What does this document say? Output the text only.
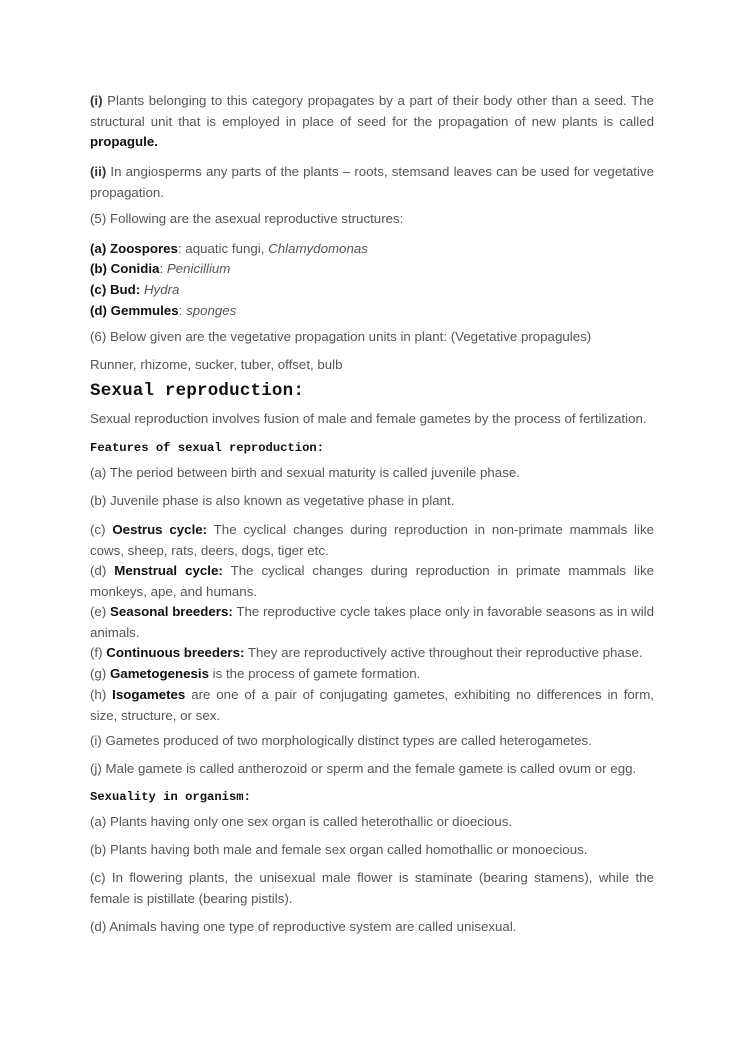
(i) Plants belonging to this category propagates by a part of their body other than a seed. The structural unit that is employed in place of seed for the propagation of new plants is called propagule.

(ii) In angiosperms any parts of the plants – roots, stemsand leaves can be used for vegetative propagation.

(5) Following are the asexual reproductive structures:

(a) Zoospores: aquatic fungi, Chlamydomonas

(b) Conidia: Penicillium

(c) Bud: Hydra

(d) Gemmules: sponges

(6) Below given are the vegetative propagation units in plant: (Vegetative propagules)

Runner, rhizome, sucker, tuber, offset, bulb

Sexual reproduction:

Sexual reproduction involves fusion of male and female gametes by the process of fertilization.

Features of sexual reproduction:

(a) The period between birth and sexual maturity is called juvenile phase.

(b) Juvenile phase is also known as vegetative phase in plant.

(c) Oestrus cycle: The cyclical changes during reproduction in non-primate mammals like cows, sheep, rats, deers, dogs, tiger etc.

(d) Menstrual cycle: The cyclical changes during reproduction in primate mammals like monkeys, ape, and humans.

(e) Seasonal breeders: The reproductive cycle takes place only in favorable seasons as in wild animals.

(f) Continuous breeders: They are reproductively active throughout their reproductive phase.

(g) Gametogenesis is the process of gamete formation.

(h) Isogametes are one of a pair of conjugating gametes, exhibiting no differences in form, size, structure, or sex.

(i) Gametes produced of two morphologically distinct types are called heterogametes.

(j) Male gamete is called antherozoid or sperm and the female gamete is called ovum or egg.

Sexuality in organism:

(a) Plants having only one sex organ is called heterothallic or dioecious.

(b) Plants having both male and female sex organ called homothallic or monoecious.

(c) In flowering plants, the unisexual male flower is staminate (bearing stamens), while the female is pistillate (bearing pistils).

(d) Animals having one type of reproductive system are called unisexual.
